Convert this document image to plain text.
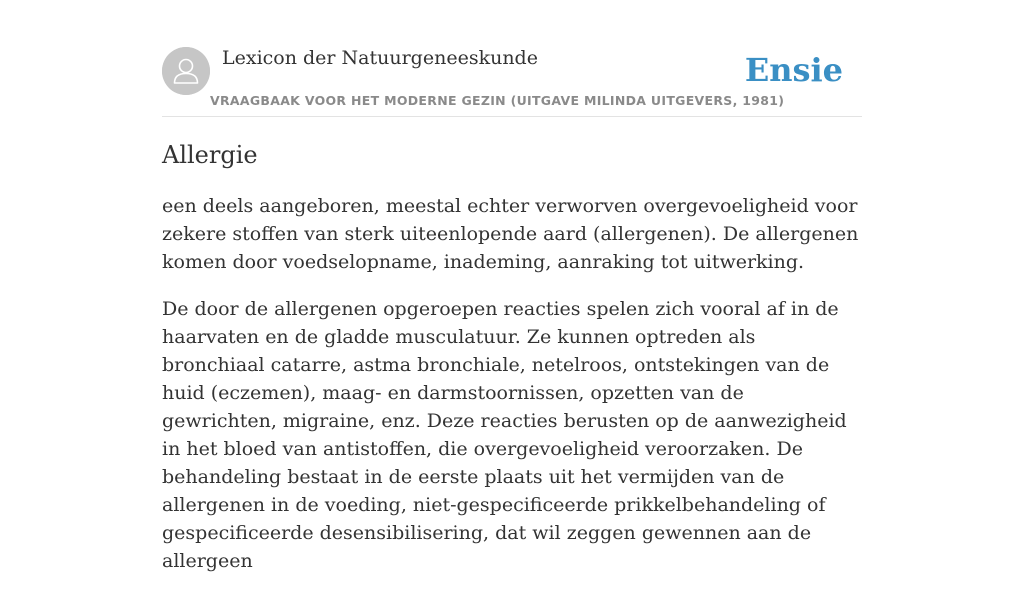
Lexicon der Natuurgeneeskunde
VRAAGBAAK VOOR HET MODERNE GEZIN (UITGAVE MILINDA UITGEVERS, 1981)
Ensie
Allergie

een deels aangeboren, meestal echter verworven overgevoeligheid voor zekere stoffen van sterk uiteenlopende aard (allergenen). De allergenen komen door voedselopname, inademing, aanraking tot uitwerking.

De door de allergenen opgeroepen reacties spelen zich vooral af in de haarvaten en de gladde musculatuur. Ze kunnen optreden als bronchiaal catarre, astma bronchiale, netelroos, ontstekingen van de huid (eczemen), maag- en darmstoornissen, opzetten van de gewrichten, migraine, enz. Deze reacties berusten op de aanwezigheid in het bloed van antistoffen, die overgevoeligheid veroorzaken. De behandeling bestaat in de eerste plaats uit het vermijden van de allergenen in de voeding, niet-gespecificeerde prikkelbehandeling of gespecificeerde desensibilisering, dat wil zeggen gewennen aan de allergeen
